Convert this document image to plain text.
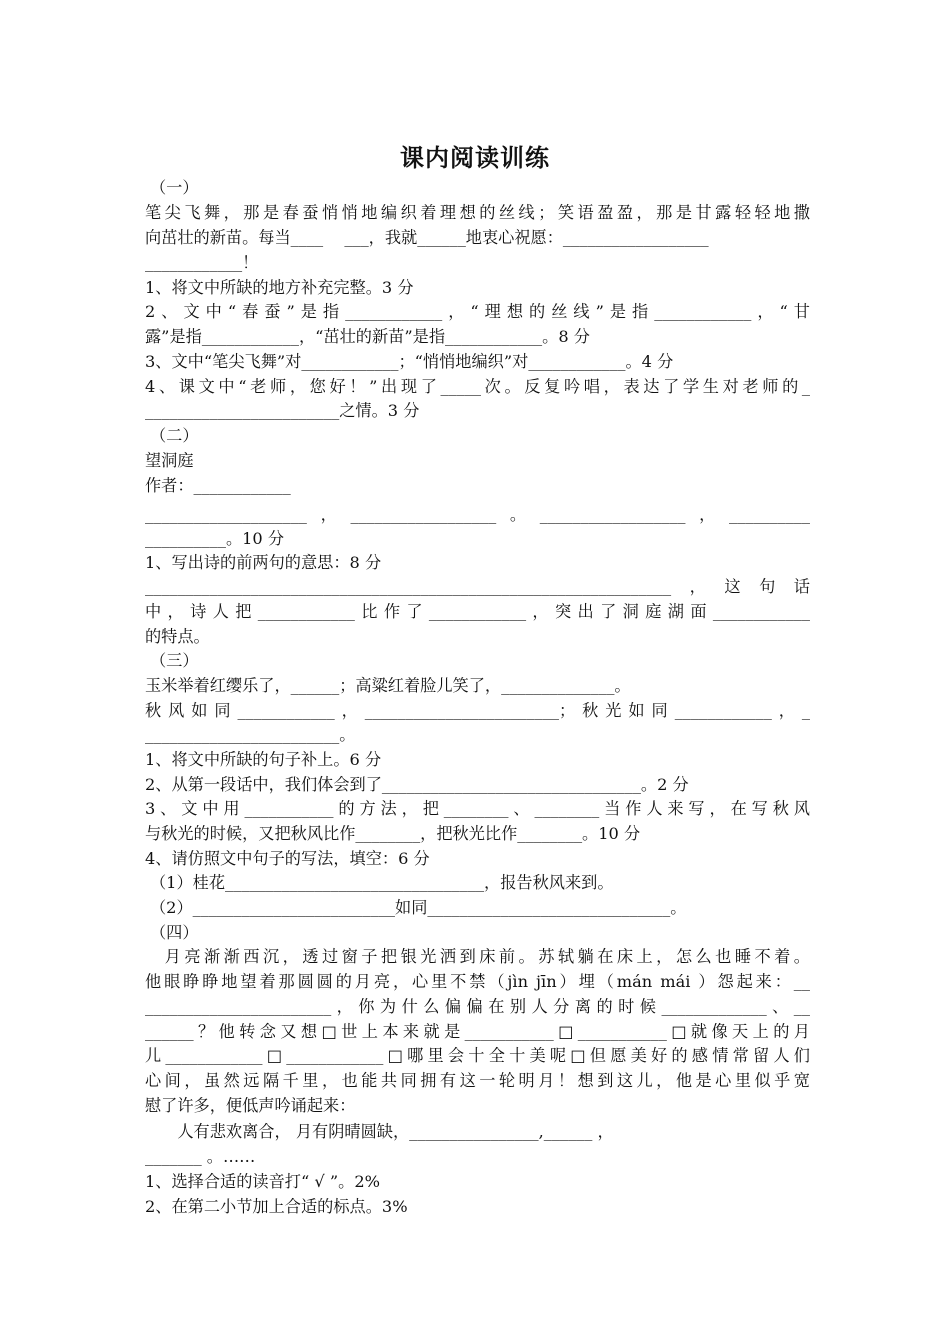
课内阅读训练
（一）
笔尖飞舞，那是春蚕悄悄地编织着理想的丝线；笑语盈盈，那是甘露轻轻地撒
向茁壮的新苗。每当____　 ___，我就______地衷心祝愿：__________________
____________！
1、将文中所缺的地方补充完整。3 分
2、文中“春蚕”是指____________，“理想的丝线”是指____________，“甘
露”是指____________，“茁壮的新苗”是指____________。8 分
3、文中“笔尖飞舞”对____________；“悄悄地编织”对____________。4 分
4、课文中“老师，您好！”出现了_____次。反复吟唱，表达了学生对老师的_
________________________之情。3 分
（二）
望洞庭
作者：____________
____________________，__________________。__________________，__________
__________。10 分
1、写出诗的前两句的意思：8 分
_________________________________________________________________，这句话
中，诗人把____________比作了____________，突出了洞庭湖面____________
的特点。
（三）
玉米举着红缨乐了，______；高粱红着脸儿笑了，______________。
秋风如同____________，________________________；秋光如同____________，_
________________________。
1、将文中所缺的句子补上。6 分
2、从第一段话中，我们体会到了________________________________。2 分
3、文中用___________的方法，把________、________当作人来写，在写秋风
与秋光的时候，又把秋风比作________，把秋光比作________。10 分
4、请仿照文中句子的写法，填空：6 分
（1）桂花________________________________，报告秋风来到。
（2）_________________________如同______________________________。
（四）
　月亮渐渐西沉，透过窗子把银光洒到床前。苏轼躺在床上，怎么也睡不着。
他眼睁睁地望着那圆圆的月亮，心里不禁（jìn jīn）埋（mán mái ）怨起来：__
_______________________，你为什么偏偏在别人分离的时候_____________、__
______？他转念又想□世上本来就是___________□___________□就像天上的月
儿____________□____________□哪里会十全十美呢□但愿美好的感情常留人们
心间，虽然远隔千里，也能共同拥有这一轮明月！想到这儿，他是心里似乎宽
慰了许多，便低声吟诵起来：
　　人有悲欢离合， 月有阴晴圆缺，________________,______ ，
_______ 。……
1、选择合适的读音打“ √ ”。2%
2、在第二小节加上合适的标点。3%
